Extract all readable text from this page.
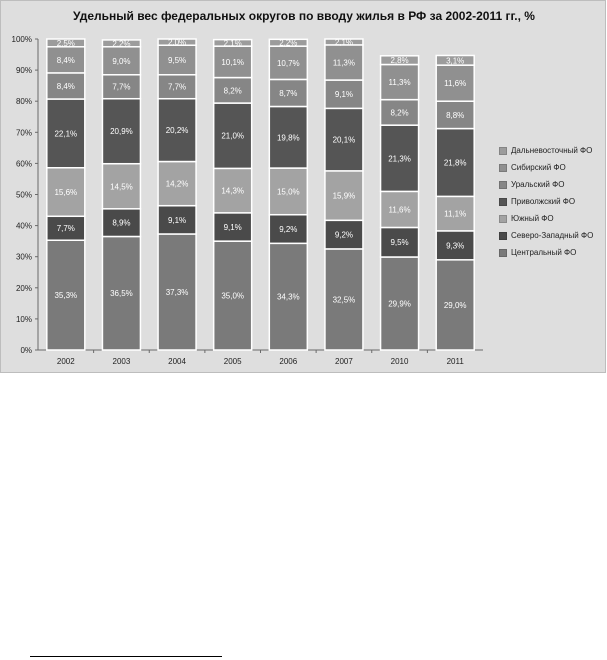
Удельный вес федеральных округов по вводу жилья в РФ за 2002-2011 гг., %
0%
10%
20%
30%
40%
50%
60%
70%
80%
90%
100%
2002
35,3%
7,7%
15,6%
22,1%
8,4%
8,4%
2,5%
2003
36,5%
8,9%
14,5%
20,9%
7,7%
9,0%
2,2%
2004
37,3%
9,1%
14,2%
20,2%
7,7%
9,5%
2,0%
2005
35,0%
9,1%
14,3%
21,0%
8,2%
10,1%
2,1%
2006
34,3%
9,2%
15,0%
19,8%
8,7%
10,7%
2,2%
2007
32,5%
9,2%
15,9%
20,1%
9,1%
11,3%
2,1%
2010
29,9%
9,5%
11,6%
21,3%
8,2%
11,3%
2,8%
2011
29,0%
9,3%
11,1%
21,8%
8,8%
11,6%
3,1%
Дальневосточный ФО
Сибирский ФО
Уральский ФО
Приволжский ФО
Южный ФО
Северо-Западный ФО
Центральный ФО
